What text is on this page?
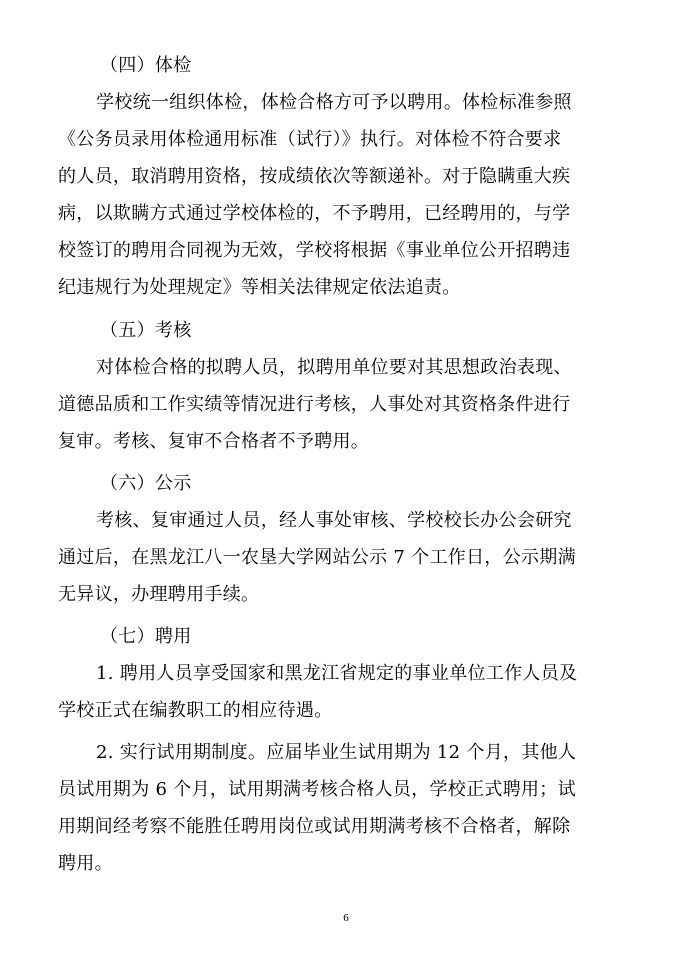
（四）体检
学校统一组织体检，体检合格方可予以聘用。体检标准参照
《公务员录用体检通用标准（试行）》执行。对体检不符合要求
的人员，取消聘用资格，按成绩依次等额递补。对于隐瞒重大疾
病，以欺瞒方式通过学校体检的，不予聘用，已经聘用的，与学
校签订的聘用合同视为无效，学校将根据《事业单位公开招聘违
纪违规行为处理规定》等相关法律规定依法追责。
（五）考核
对体检合格的拟聘人员，拟聘用单位要对其思想政治表现、
道德品质和工作实绩等情况进行考核，人事处对其资格条件进行
复审。考核、复审不合格者不予聘用。
（六）公示
考核、复审通过人员，经人事处审核、学校校长办公会研究
通过后，在黑龙江八一农垦大学网站公示 7 个工作日，公示期满
无异议，办理聘用手续。
（七）聘用
1. 聘用人员享受国家和黑龙江省规定的事业单位工作人员及
学校正式在编教职工的相应待遇。
2. 实行试用期制度。应届毕业生试用期为 12 个月，其他人
员试用期为 6 个月，试用期满考核合格人员，学校正式聘用；试
用期间经考察不能胜任聘用岗位或试用期满考核不合格者，解除
聘用。
6
